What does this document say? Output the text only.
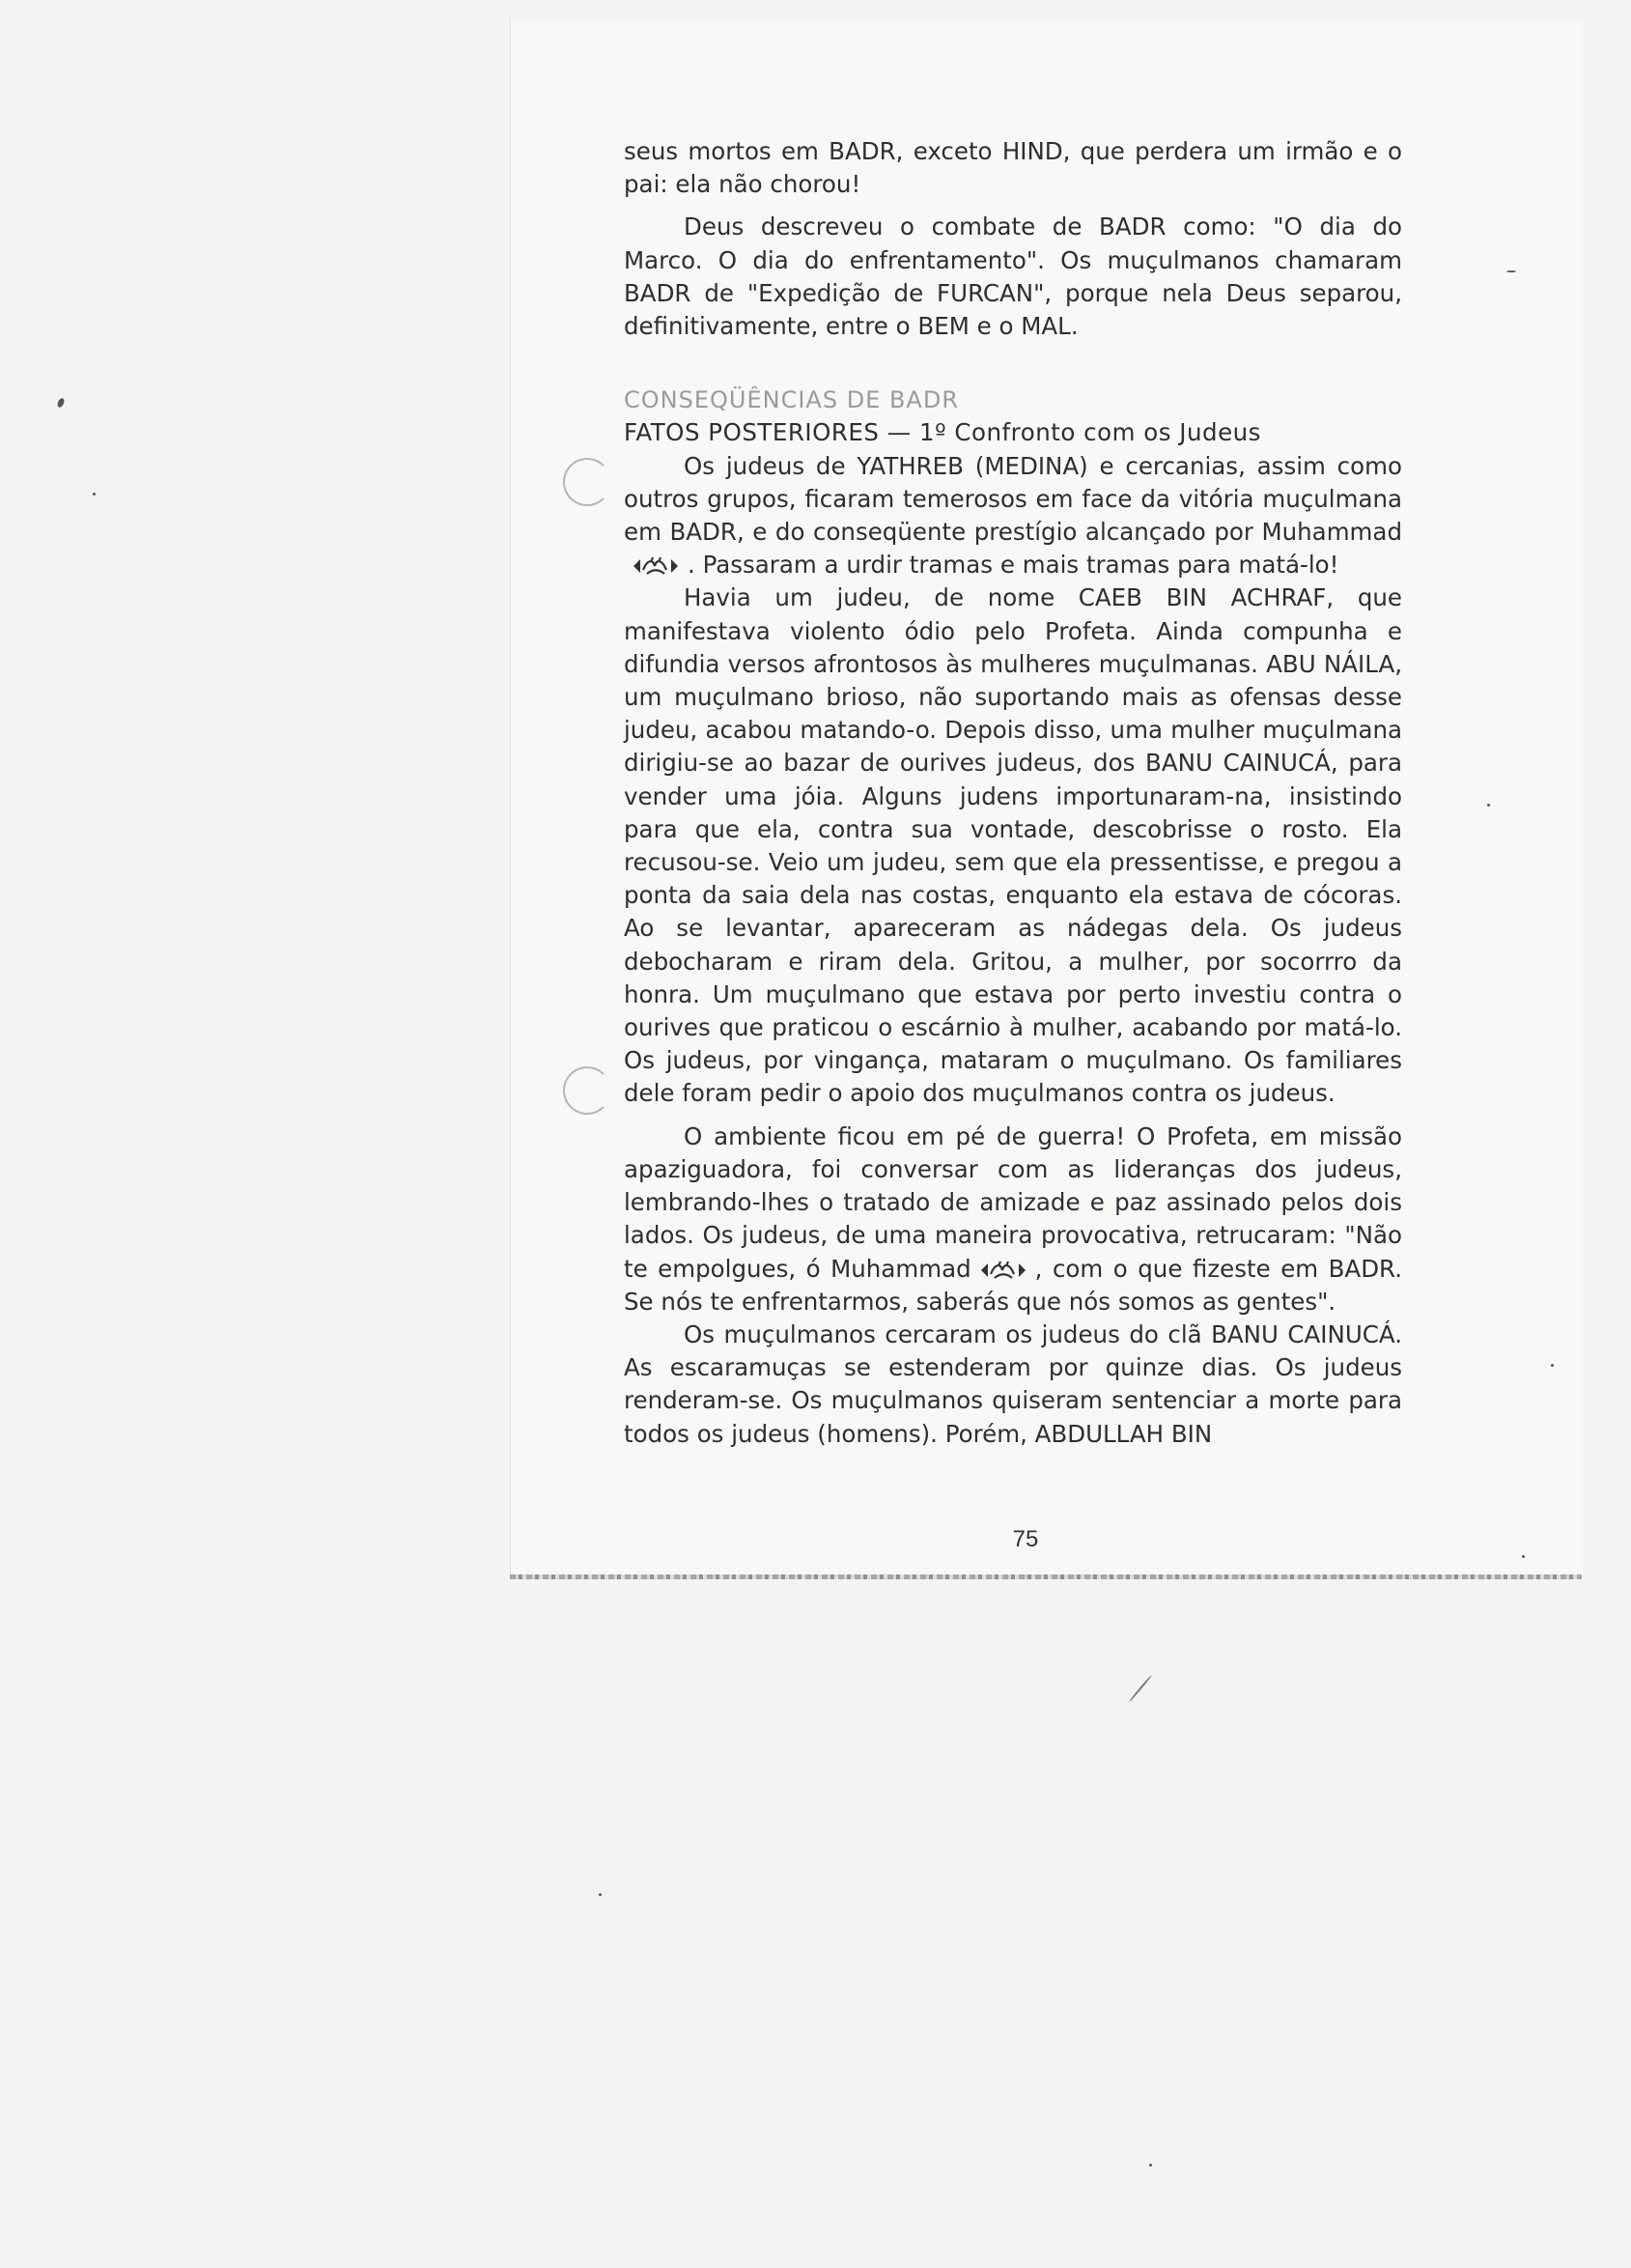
seus mortos em BADR, exceto HIND, que perdera um irmão e o pai: ela não chorou!

Deus descreveu o combate de BADR como: "O dia do Marco. O dia do enfrentamento". Os muçulmanos chamaram BADR de "Expedição de FURCAN", porque nela Deus separou, definitivamente, entre o BEM e o MAL.

CONSEQÜÊNCIAS DE BADR

FATOS POSTERIORES — 1º Confronto com os Judeus

Os judeus de YATHREB (MEDINA) e cercanias, assim como outros grupos, ficaram temerosos em face da vitória muçulmana em BADR, e do conseqüente prestígio alcançado por Muhammad. Passaram a urdir tramas e mais tramas para matá-lo!

Havia um judeu, de nome CAEB BIN ACHRAF, que manifestava violento ódio pelo Profeta. Ainda compunha e difundia versos afrontosos às mulheres muçulmanas. ABU NÁILA, um muçulmano brioso, não suportando mais as ofensas desse judeu, acabou matando-o. Depois disso, uma mulher muçulmana dirigiu-se ao bazar de ourives judeus, dos BANU CAINUCÁ, para vender uma jóia. Alguns judens importunaram-na, insistindo para que ela, contra sua vontade, descobrisse o rosto. Ela recusou-se. Veio um judeu, sem que ela pressentisse, e pregou a ponta da saia dela nas costas, enquanto ela estava de cócoras. Ao se levantar, apareceram as nádegas dela. Os judeus debocharam e riram dela. Gritou, a mulher, por socorrro da honra. Um muçulmano que estava por perto investiu contra o ourives que praticou o escárnio à mulher, acabando por matá-lo. Os judeus, por vingança, mataram o muçulmano. Os familiares dele foram pedir o apoio dos muçulmanos contra os judeus.

O ambiente ficou em pé de guerra! O Profeta, em missão apaziguadora, foi conversar com as lideranças dos judeus, lembrando-lhes o tratado de amizade e paz assinado pelos dois lados. Os judeus, de uma maneira provocativa, retrucaram: "Não te empolgues, ó Muhammad	, com o que fizeste em BADR. Se nós te enfrentarmos, saberás que nós somos as gentes".

Os muçulmanos cercaram os judeus do clã BANU CAINUCÁ. As escaramuças se estenderam por quinze dias. Os judeus renderam-se. Os muçulmanos quiseram sentenciar a morte para todos os judeus (homens). Porém, ABDULLAH BIN

75
